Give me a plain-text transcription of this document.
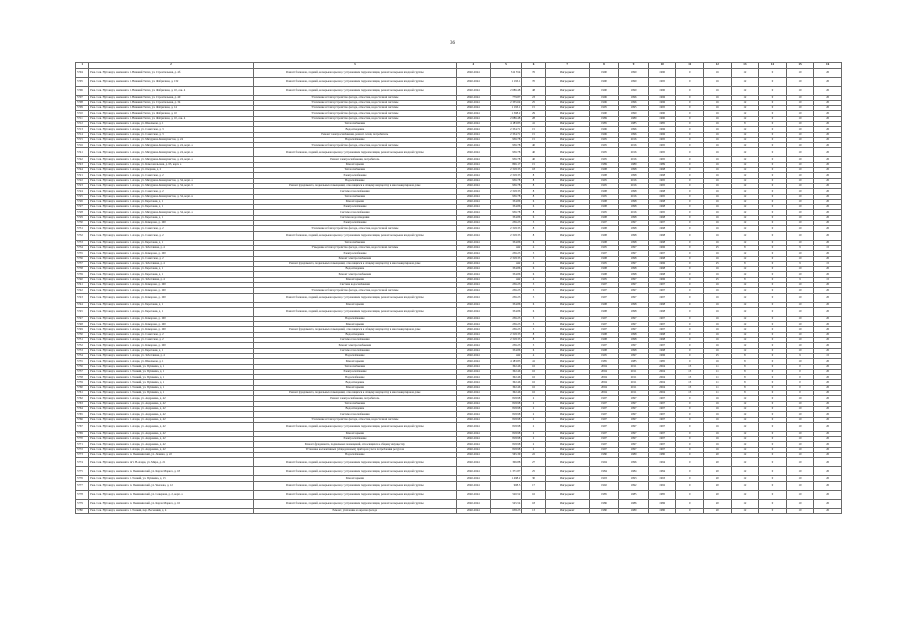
36
1	2	3	4	5	6	7	8	9	10	11	12	13	14	15	16
5704	Реж. Сев. Нутокнул, жилкомпл. г. Нижний Тагил, ул. Строительная, д. 4б	Ремонт балконов, лоджий, козырьков крылец с устранением гидроизоляции, ремонт козырьков входной группы	2040-2044	312 554	76	Ингредиент	1990	1990	1990	0	16	12	0	10	20
5705	Реж. Сев. Нутокнул, жилкомпл. г. Нижний Тагил, ул. Фабричная, д. 132	Ремонт балконов, лоджий, козырьков крылец с устранением гидроизоляции, ремонт козырьков входной группы	2040-2044	1 193.1	70	Ингредиент	1990	1990	1995	0	16	12	0	10	20
5706	Реж. Сев. Нутокнул, жилкомпл. г. Нижний Тагил, ул. Фабричная, д. 10, сек. 4	Ремонт балконов, лоджий, козырьков крылец с устранением гидроизоляции, ремонт козырьков входной группы	2040-2044	2 086.48	48	Ингредиент	1990	1990	1990	0	16	12	0	10	20
5707	Реж. Сев. Нутокнул, жилкомпл. г. Нижний Тагил, ул. Строительная, д. 40	Утепление и благоустройство фасада, отмостки, водосточной системы	2040-2044	779.87	23	Ингредиент	1996	1996	1996	0	16	12	0	10	20
5708	Реж. Сев. Нутокнул, жилкомпл. г. Нижний Тагил, ул. Строительная, д. 34	Утепление и благоустройство фасада, отмостки, водосточной системы	2040-2044	2 335.64	25	Ингредиент	1996	1996	1996	0	16	12	0	10	20
5709	Реж. Сев. Нутокнул, жилкомпл. г. Нижний Тагил, ул. Фабричная, д. 14	Утепление и благоустройство фасада, отмостки, водосточной системы	2040-2044	1 193.1	15	Ингредиент	1995	1995	1995	0	16	12	0	10	20
5710	Реж. Сев. Нутокнул, жилкомпл. г. Нижний Тагил, ул. Фабричная, д. 10	Утепление и благоустройство фасада, отмостки, водосточной системы	2040-2044	1 368.2	29	Ингредиент	1990	1990	1990	0	16	12	0	10	20
5711	Реж. Сев. Нутокнул, жилкомпл. г. Нижний Тагил, ул. Фабричная, д. 10, сек. 4	Утепление и благоустройство фасада, отмостки, водосточной системы	2040-2044	2 086.48	28	Ингредиент	1989	1989	1990	0	16	12	0	10	20
5712	Реж. Сев. Нутокнул, жилкомпл. г. Азарк, ул. Школьная, д. 1	Теплоснабжение	2040-2044	4 183.83	41	Ингредиент	1985	1985	1985	0	16	8	0	10	20
5713	Реж. Сев. Нутокнул, жилкомпл. г. Азарк, ул. Советская, д. 3	Водоотведение	2040-2044	2 334.71	15	Ингредиент	1996	1996	1996	0	16	12	0	10	20
5714	Реж. Сев. Нутокнул, жилкомпл. г. Азарк, ул. Советская, д. 3	Ремонт электроснабжения, ремонт сетей, потребитель	2040-2044	2 334.71	15	Ингредиент	1996	1996	1996	0	16	12	0	10	20
5715	Реж. Сев. Нутокнул, жилкомпл. г. Азарк, ул. Мичурина-Коммунистов, д. 24	Водоснабжение	2040-2044	956.78	15	Ингредиент	1995	2016	1995	0	16	12	0	10	20
5716	Реж. Сев. Нутокнул, жилкомпл. г. Азарк, ул. Мичурина-Коммунистов, д. 24, корп. а	Утепление и благоустройство фасада, отмостки, водосточной системы	2040-2044	956.78	40	Ингредиент	1995	2016	1995	0	16	12	0	10	20
5741	Реж. Сев. Нутокнул, жилкомпл. г. Азарк, ул. Мичурина-Коммунистов, д. 24, корп. в	Ремонт балконов, лоджий, козырьков крылец с устранением гидроизоляции, ремонт козырьков входной группы	2040-2044	956.78	40	Ингредиент	1995	2016	1995	0	16	12	0	10	20
5742	Реж. Сев. Нутокнул, жилкомпл. г. Азарк, ул. Мичурина-Коммунистов, д. 24, корп. а	Ремонт электроснабжения, потребитель	2040-2044	956.78	40	Ингредиент	1995	2016	1995	0	16	12	0	10	20
5743	Реж. Сев. Нутокнул, жилкомпл. г. Азарк, ул. Комсомольская, д. 63, корп. а	Ремонт крыши	2040-2044	806.17	15	Ингредиент	1989	1989	1989	0	16	12	0	10	20
5744	Реж. Сев. Нутокнул, жилкомпл. г. Азарк, ул. Озерная, д. 2	Теплоснабжение	2040-2044	2 318.33	18	Ингредиент	1998	1998	1998	0	16	12	0	10	20
5721	Реж. Сев. Нутокнул, жилкомпл. г. Азарк, ул. Советская, д. 2	Электроснабжение	2040-2044	2 318.33	8	Ингредиент	1998	1998	1998	0	16	12	0	10	20
5722	Реж. Сев. Нутокнул, жилкомпл. г. Азарк, ул. Мичурина-Коммунистов, д. 34, корп. а	Водоснабжение	2040-2044	956.78	8	Ингредиент	1995	2016	1995	0	16	12	0	10	20
5723	Реж. Сев. Нутокнул, жилкомпл. г. Азарк, ул. Мичурина-Коммунистов, д. 34, корп. б	Ремонт фундамента, подвальных помещений, относящихся к общему имуществу в многоквартирном доме	2040-2044	956.78	8	Ингредиент	1995	2016	1995	0	16	12	0	10	20
5724	Реж. Сев. Нутокнул, жилкомпл. г. Азарк, ул. Советская, д. 2	Система газоснабжения	2040-2044	2 318.33	8	Ингредиент	1998	1998	1998	0	16	12	0	10	20
5725	Реж. Сев. Нутокнул, жилкомпл. г. Азарк, ул. Мичурина-Коммунистов, д. 34, корп. в	Теплоснабжение	2040-2044	956.78	8	Ингредиент	1995	2016	1995	0	16	12	0	10	20
5726	Реж. Сев. Нутокнул, жилкомпл. г. Азарк, ул. Береговая, д. 1	Ремонт крыши	2040-2044	334.86	6	Ингредиент	1998	1998	1998	0	16	12	0	10	20
5727	Реж. Сев. Нутокнул, жилкомпл. г. Азарк, ул. Береговая, д. 1	Электроснабжение	2040-2044	334.86	6	Ингредиент	1998	1998	1998	0	16	12	0	10	20
5728	Реж. Сев. Нутокнул, жилкомпл. г. Азарк, ул. Мичурина-Коммунистов, д. 34, корп. а	Система газоснабжения	2040-2044	956.78	8	Ингредиент	1995	2016	1995	0	16	12	0	10	20
5729	Реж. Сев. Нутокнул, жилкомпл. г. Азарк, ул. Береговая, д. 1	Система водоотведения	2040-2044	334.86	6	Ингредиент	1998	1998	1998	0	16	12	0	10	20
5730	Реж. Сев. Нутокнул, жилкомпл. г. Азарк, ул. Комарова, д. 100	Электроснабжение	2040-2044	256.23	5	Ингредиент	1997	1997	1997	0	16	12	0	10	20
5731	Реж. Сев. Нутокнул, жилкомпл. г. Азарк, ул. Советская, д. 2	Утепление и благоустройство фасада, отмостки, водосточной системы	2040-2044	2 318.33	8	Ингредиент	1998	1998	1998	0	16	12	0	10	20
5732	Реж. Сев. Нутокнул, жилкомпл. г. Азарк, ул. Советская, д. 2	Ремонт балконов, лоджий, козырьков крылец с устранением гидроизоляции, ремонт козырьков входной группы	2040-2044	2 318.33	8	Ингредиент	1998	1998	1998	0	16	12	0	10	20
5733	Реж. Сев. Нутокнул, жилкомпл. г. Азарк, ул. Береговая, д. 1	Теплоснабжение	2040-2044	334.86	6	Ингредиент	1998	1998	1998	0	16	12	0	10	20
5734	Реж. Сев. Нутокнул, жилкомпл. г. Азарк, ул. Заботливая, д. 4	У'выдение и благоустройство фасада, отмостки, водосточной системы	2040-2044	442	4	Ингредиент	1995	1997	1996	0	25	8	0	9	15
5735	Реж. Сев. Нутокнул, жилкомпл. г. Азарк, ул. Комарова, д. 100	Электроснабжение	2040-2044	256.23	5	Ингредиент	1997	1997	1997	0	16	12	0	10	20
5736	Реж. Сев. Нутокнул, жилкомпл. г. Азарк, ул. Советская, д. 2	Ремонт электроснабжения	2040-2044	2 318.33	5	Ингредиент	1998	1998	1998	0	16	12	0	10	20
5737	Реж. Сев. Нутокнул, жилкомпл. г. Азарк, ул. Заботливая, д. 4	Ремонт фундамента, подвальных помещений, относящихся к общему имуществу в многоквартирном доме	2040-2044	442	4	Ингредиент	1995	1997	1996	0	25	8	0	9	15
5738	Реж. Сев. Нутокнул, жилкомпл. г. Азарк, ул. Береговая, д. 1	Водоотведение	2040-2044	334.86	6	Ингредиент	1998	1998	1998	0	16	12	0	10	20
5739	Реж. Сев. Нутокнул, жилкомпл. г. Азарк, ул. Береговая, д. 1	Ремонт электроснабжения	2040-2044	334.86	6	Ингредиент	1998	1998	1998	0	16	12	0	10	20
5740	Реж. Сев. Нутокнул, жилкомпл. г. Азарк, ул. Заботливая, д. 4	Ремонт крыши	2040-2044	442	4	Ингредиент	1995	1997	1996	0	25	8	0	9	15
5741	Реж. Сев. Нутокнул, жилкомпл. г. Азарк, ул. Комарова, д. 100	Система водоснабжения	2040-2044	256.23	5	Ингредиент	1997	1997	1997	0	16	12	0	10	20
5742	Реж. Сев. Нутокнул, жилкомпл. г. Азарк, ул. Комарова, д. 100	Утепление и благоустройство фасада, отмостки, водосточной системы	2040-2044	256.23	5	Ингредиент	1997	1997	1997	0	16	12	0	10	20
5743	Реж. Сев. Нутокнул, жилкомпл. г. Азарк, ул. Комарова, д. 100	Ремонт балконов, лоджий, козырьков крылец с устранением гидроизоляции, ремонт козырьков входной группы	2040-2044	256.23	5	Ингредиент	1997	1997	1997	0	16	12	0	10	20
5744	Реж. Сев. Нутокнул, жилкомпл. г. Азарк, ул. Береговая, д. 1	Ремонт крыши	2040-2044	334.86	6	Ингредиент	1998	1998	1998	0	16	12	0	10	20
5745	Реж. Сев. Нутокнул, жилкомпл. г. Азарк, ул. Береговая, д. 1	Ремонт балконов, лоджий, козырьков крылец с устранением гидроизоляции, ремонт козырьков входной группы	2040-2044	334.86	6	Ингредиент	1998	1998	1998	0	16	12	0	10	20
5747	Реж. Сев. Нутокнул, жилкомпл. г. Азарк, ул. Комарова, д. 100	Водоснабжение	2040-2044	256.23	5	Ингредиент	1997	1997	1997	0	16	12	0	10	20
5748	Реж. Сев. Нутокнул, жилкомпл. г. Азарк, ул. Комарова, д. 100	Ремонт крыши	2040-2044	256.23	5	Ингредиент	1997	1997	1997	0	16	12	0	10	20
5749	Реж. Сев. Нутокнул, жилкомпл. г. Азарк, ул. Комарова, д. 100	Ремонт фундамента, подвальных помещений, относящихся к общему имуществу в многоквартирном доме	2040-2044	256.23	5	Ингредиент	1997	1997	1997	0	16	12	0	10	20
5750	Реж. Сев. Нутокнул, жилкомпл. г. Азарк, ул. Советская, д. 2	Водоотведение	2040-2044	2 318.33	8	Ингредиент	1998	1998	1998	0	16	12	0	10	20
5751	Реж. Сев. Нутокнул, жилкомпл. г. Азарк, ул. Советская, д. 2	Система газоснабжения	2040-2044	2 318.33	8	Ингредиент	1998	1998	1998	0	16	12	0	10	20
5752	Реж. Сев. Нутокнул, жилкомпл. г. Азарк, ул. Комарова, д. 100	Ремонт электроснабжения	2040-2044	256.23	5	Ингредиент	1997	1997	1997	0	16	12	0	10	20
5753	Реж. Сев. Нутокнул, жилкомпл. г. Азарк, ул. Береговая, д. 1	Система газоснабжения	2040-2044	334.86	6	Ингредиент	1998	1998	1998	0	16	12	0	10	20
5754	Реж. Сев. Нутокнул, жилкомпл. г. Азарк, ул. Заботливая, д. 4	Водоснабжение	2040-2044	442	4	Ингредиент	1995	1997	1996	0	25	8	0	9	15
5755	Реж. Сев. Нутокнул, жилкомпл. г. Азарк, ул. Школьная, д. 1	Ремонт крыши	2040-2044	4 183.83	41	Ингредиент	1985	1985	1985	0	16	8	0	10	20
5756	Реж. Сев. Нутокнул, жилкомпл. г. Тонкий, ул. Пушкина, д. 1	Теплоснабжение	2040-2044	302.46	16	Ингредиент	2004	2011	2004	15	11	8	0	0	20
5757	Реж. Сев. Нутокнул, жилкомпл. г. Тонкий, ул. Пушкина, д. 1	Электроснабжение	2040-2044	302.46	16	Ингредиент	2004	2011	2004	15	11	8	0	0	20
5758	Реж. Сев. Нутокнул, жилкомпл. г. Тонкий, ул. Пушкина, д. 1	Водоснабжение	2040-2044	302.46	16	Ингредиент	2004	2011	2004	15	11	8	0	0	20
5759	Реж. Сев. Нутокнул, жилкомпл. г. Тонкий, ул. Пушкина, д. 1	Водоотведение	2040-2044	302.46	16	Ингредиент	2004	2011	2004	15	11	8	0	0	20
5760	Реж. Сев. Нутокнул, жилкомпл. г. Тонкий, ул. Пушкина, д. 1	Ремонт крыши	2040-2044	302.46	16	Ингредиент	2004	2011	2004	15	11	8	0	0	20
5761	Реж. Сев. Нутокнул, жилкомпл. г. Тонкий, ул. Пушкина, д. 1	Ремонт фундамента, подвальных помещений, относящихся к общему имуществу в многоквартирном доме	2040-2044	302.46	16	Ингредиент	2004	2011	2004	15	11	8	0	0	20
5762	Реж. Сев. Нутокнул, жилкомпл. г. Азарк, ул. Андреевка, д. 42	Ремонт электроснабжения, потребитель	2040-2044	818.98	2	Ингредиент	1997	1997	1997	0	16	12	0	10	20
5763	Реж. Сев. Нутокнул, жилкомпл. г. Азарк, ул. Андреевка, д. 42	Теплоснабжение	2040-2044	818.98	2	Ингредиент	1997	1997	1997	0	16	12	0	10	20
5764	Реж. Сев. Нутокнул, жилкомпл. г. Азарк, ул. Андреевка, д. 42	Водоотведение	2040-2044	818.98	2	Ингредиент	1997	1997	1997	0	16	12	0	10	20
5765	Реж. Сев. Нутокнул, жилкомпл. г. Азарк, ул. Андреевка, д. 42	Система газоснабжения	2040-2044	818.98	2	Ингредиент	1997	1997	1997	0	16	12	0	10	20
5766	Реж. Сев. Нутокнул, жилкомпл. г. Азарк, ул. Андреевка, д. 42	Утепление и благоустройство фасада, отмостки, водосточной системы	2040-2044	818.98	2	Ингредиент	1997	1997	1997	0	16	12	0	10	20
5767	Реж. Сев. Нутокнул, жилкомпл. г. Азарк, ул. Андреевка, д. 42	Ремонт балконов, лоджий, козырьков крылец с устранением гидроизоляции, ремонт козырьков входной группы	2040-2044	818.98	2	Ингредиент	1997	1997	1997	0	16	12	0	10	20
5769	Реж. Сев. Нутокнул, жилкомпл. г. Азарк, ул. Андреевка, д. 42	Ремонт крыши	2040-2044	818.98	2	Ингредиент	1997	1997	1997	0	16	12	0	10	20
5770	Реж. Сев. Нутокнул, жилкомпл. г. Азарк, ул. Андреевка, д. 42	Электроснабжение	2040-2044	818.98	2	Ингредиент	1997	1997	1997	0	16	12	0	10	20
5771	Реж. Сев. Нутокнул, жилкомпл. г. Азарк, ул. Андреевка, д. 42	Ремонт фундамента, подвальных помещений, относящихся к общему имуществу	2040-2044	818.98	2	Ингредиент	1997	1997	1997	0	16	12	0	10	20
5772	Реж. Сев. Нутокнул, жилкомпл. г. Азарк, ул. Андреевка, д. 42	Установка коллективных (общедомовых) приборов учета потребления ресурсов	2040-2044	818.98	2	Ингредиент	1997	1997	1997	0	16	12	0	10	20
5773	Реж. Сев. Нутокнул, жилкомпл. п. Пышминский, ул. Ленина, д. 22	Водоснабжение	2040-2044	565.39	22	Ингредиент	1980	1980	1980	0	20	12	0	10	20
5774	Реж. Сев. Нутокнул, жилкомпл. пгт. Н-Азарк, ул. Мира, д. 21	Ремонт балконов, лоджий, козырьков крылец с устранением гидроизоляции, ремонт козырьков входной группы	2040-2044	306.88	27	Ингредиент	1994	1996	1994	0	20	12	0	10	20
5775	Реж. Сев. Нутокнул, жилкомпл. п. Пышминский, ул. Карла Маркса, д. 18	Ремонт балконов, лоджий, козырьков крылец с устранением гидроизоляции, ремонт козырьков входной группы	2040-2044	1 371.87	25	Ингредиент	1984	1984	1984	0	20	12	0	10	20
5776	Реж. Сев. Нутокнул, жилкомпл. г. Тонкий, ул. Пушкина, д. 15	Ремонт крыши	2040-2044	1 498.2	30	Ингредиент	1993	1993	1993	0	20	12	0	10	20
5777	Реж. Сев. Нутокнул, жилкомпл. п. Пышминский, ул. Чкалова, д. 12	Ремонт балконов, лоджий, козырьков крылец с устранением гидроизоляции, ремонт козырьков входной группы	2040-2044	908.5	17	Ингредиент	1992	1992	1992	0	20	12	0	10	20
5778	Реж. Сев. Нутокнул, жилкомпл. п. Пышминский, ул. Северная, д. 2, корп. а	Ремонт балконов, лоджий, козырьков крылец с устранением гидроизоляции, ремонт козырьков входной группы	2040-2044	520.52	16	Ингредиент	1985	1985	1985	0	20	12	0	10	20
5779	Реж. Сев. Нутокнул, жилкомпл. п. Пышминский, ул. Карла Маркса, д. 16	Ремонт балконов, лоджий, козырьков крылец с устранением гидроизоляции, ремонт козырьков входной группы	2040-2044	545.54	18	Ингредиент	1986	1986	1986	0	20	12	0	10	20
5780	Реж. Сев. Нутокнул, жилкомпл. г. Тонкий, пер. Весенний, д. 4	Ремонт, утепление и окраска фасада	2040-2044	638.23	13	Ингредиент	1980	1980	1980	0	20	12	0	10	20
